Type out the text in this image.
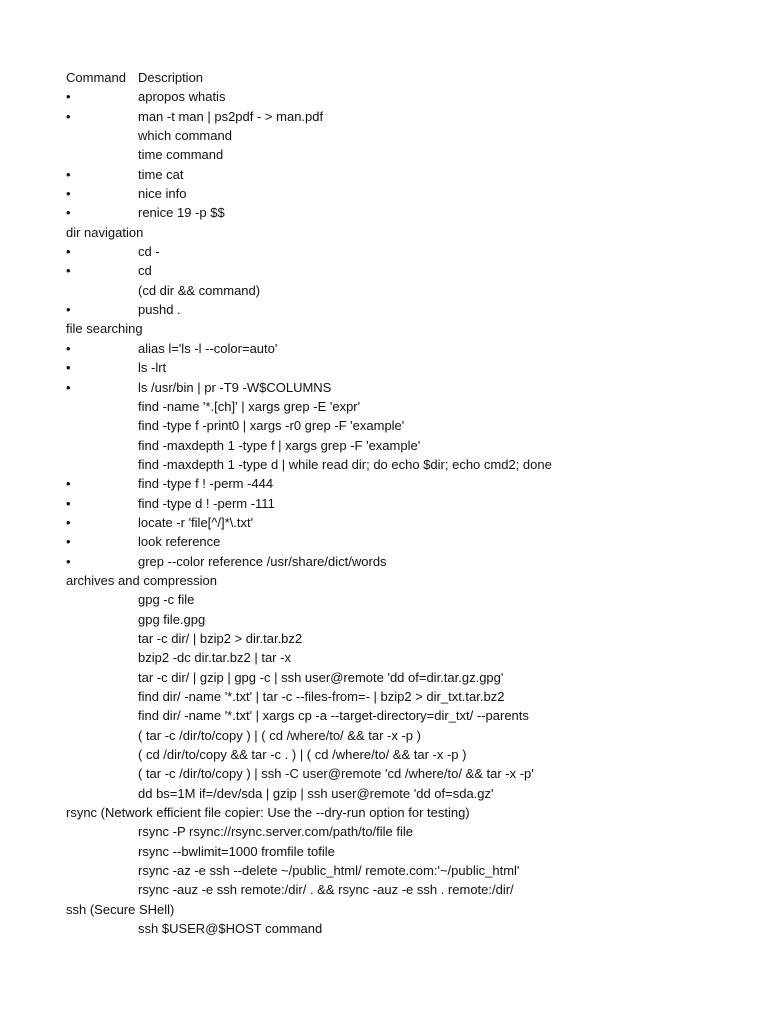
Command Description
•	apropos whatis
•	man -t man | ps2pdf - > man.pdf
which command
time command
•	time cat
•	nice info
•	renice 19 -p $$
dir navigation
•	cd -
•	cd
(cd dir && command)
•	pushd .
file searching
•	alias l='ls -l --color=auto'
•	ls -lrt
•	ls /usr/bin | pr -T9 -W$COLUMNS
find -name '*.[ch]' | xargs grep -E 'expr'
find -type f -print0 | xargs -r0 grep -F 'example'
find -maxdepth 1 -type f | xargs grep -F 'example'
find -maxdepth 1 -type d | while read dir; do echo $dir; echo cmd2; done
•	find -type f ! -perm -444
•	find -type d ! -perm -111
•	locate -r 'file[^/]*\.txt'
•	look reference
•	grep --color reference /usr/share/dict/words
archives and compression
gpg -c file
gpg file.gpg
tar -c dir/ | bzip2 > dir.tar.bz2
bzip2 -dc dir.tar.bz2 | tar -x
tar -c dir/ | gzip | gpg -c | ssh user@remote 'dd of=dir.tar.gz.gpg'
find dir/ -name '*.txt' | tar -c --files-from=- | bzip2 > dir_txt.tar.bz2
find dir/ -name '*.txt' | xargs cp -a --target-directory=dir_txt/ --parents
( tar -c /dir/to/copy ) | ( cd /where/to/ && tar -x -p )
( cd /dir/to/copy && tar -c . ) | ( cd /where/to/ && tar -x -p )
( tar -c /dir/to/copy ) | ssh -C user@remote 'cd /where/to/ && tar -x -p'
dd bs=1M if=/dev/sda | gzip | ssh user@remote 'dd of=sda.gz'
rsync (Network efficient file copier: Use the --dry-run option for testing)
rsync -P rsync://rsync.server.com/path/to/file file
rsync --bwlimit=1000 fromfile tofile
rsync -az -e ssh --delete ~/public_html/ remote.com:'~/public_html'
rsync -auz -e ssh remote:/dir/ . && rsync -auz -e ssh . remote:/dir/
ssh (Secure SHell)
ssh $USER@$HOST command
